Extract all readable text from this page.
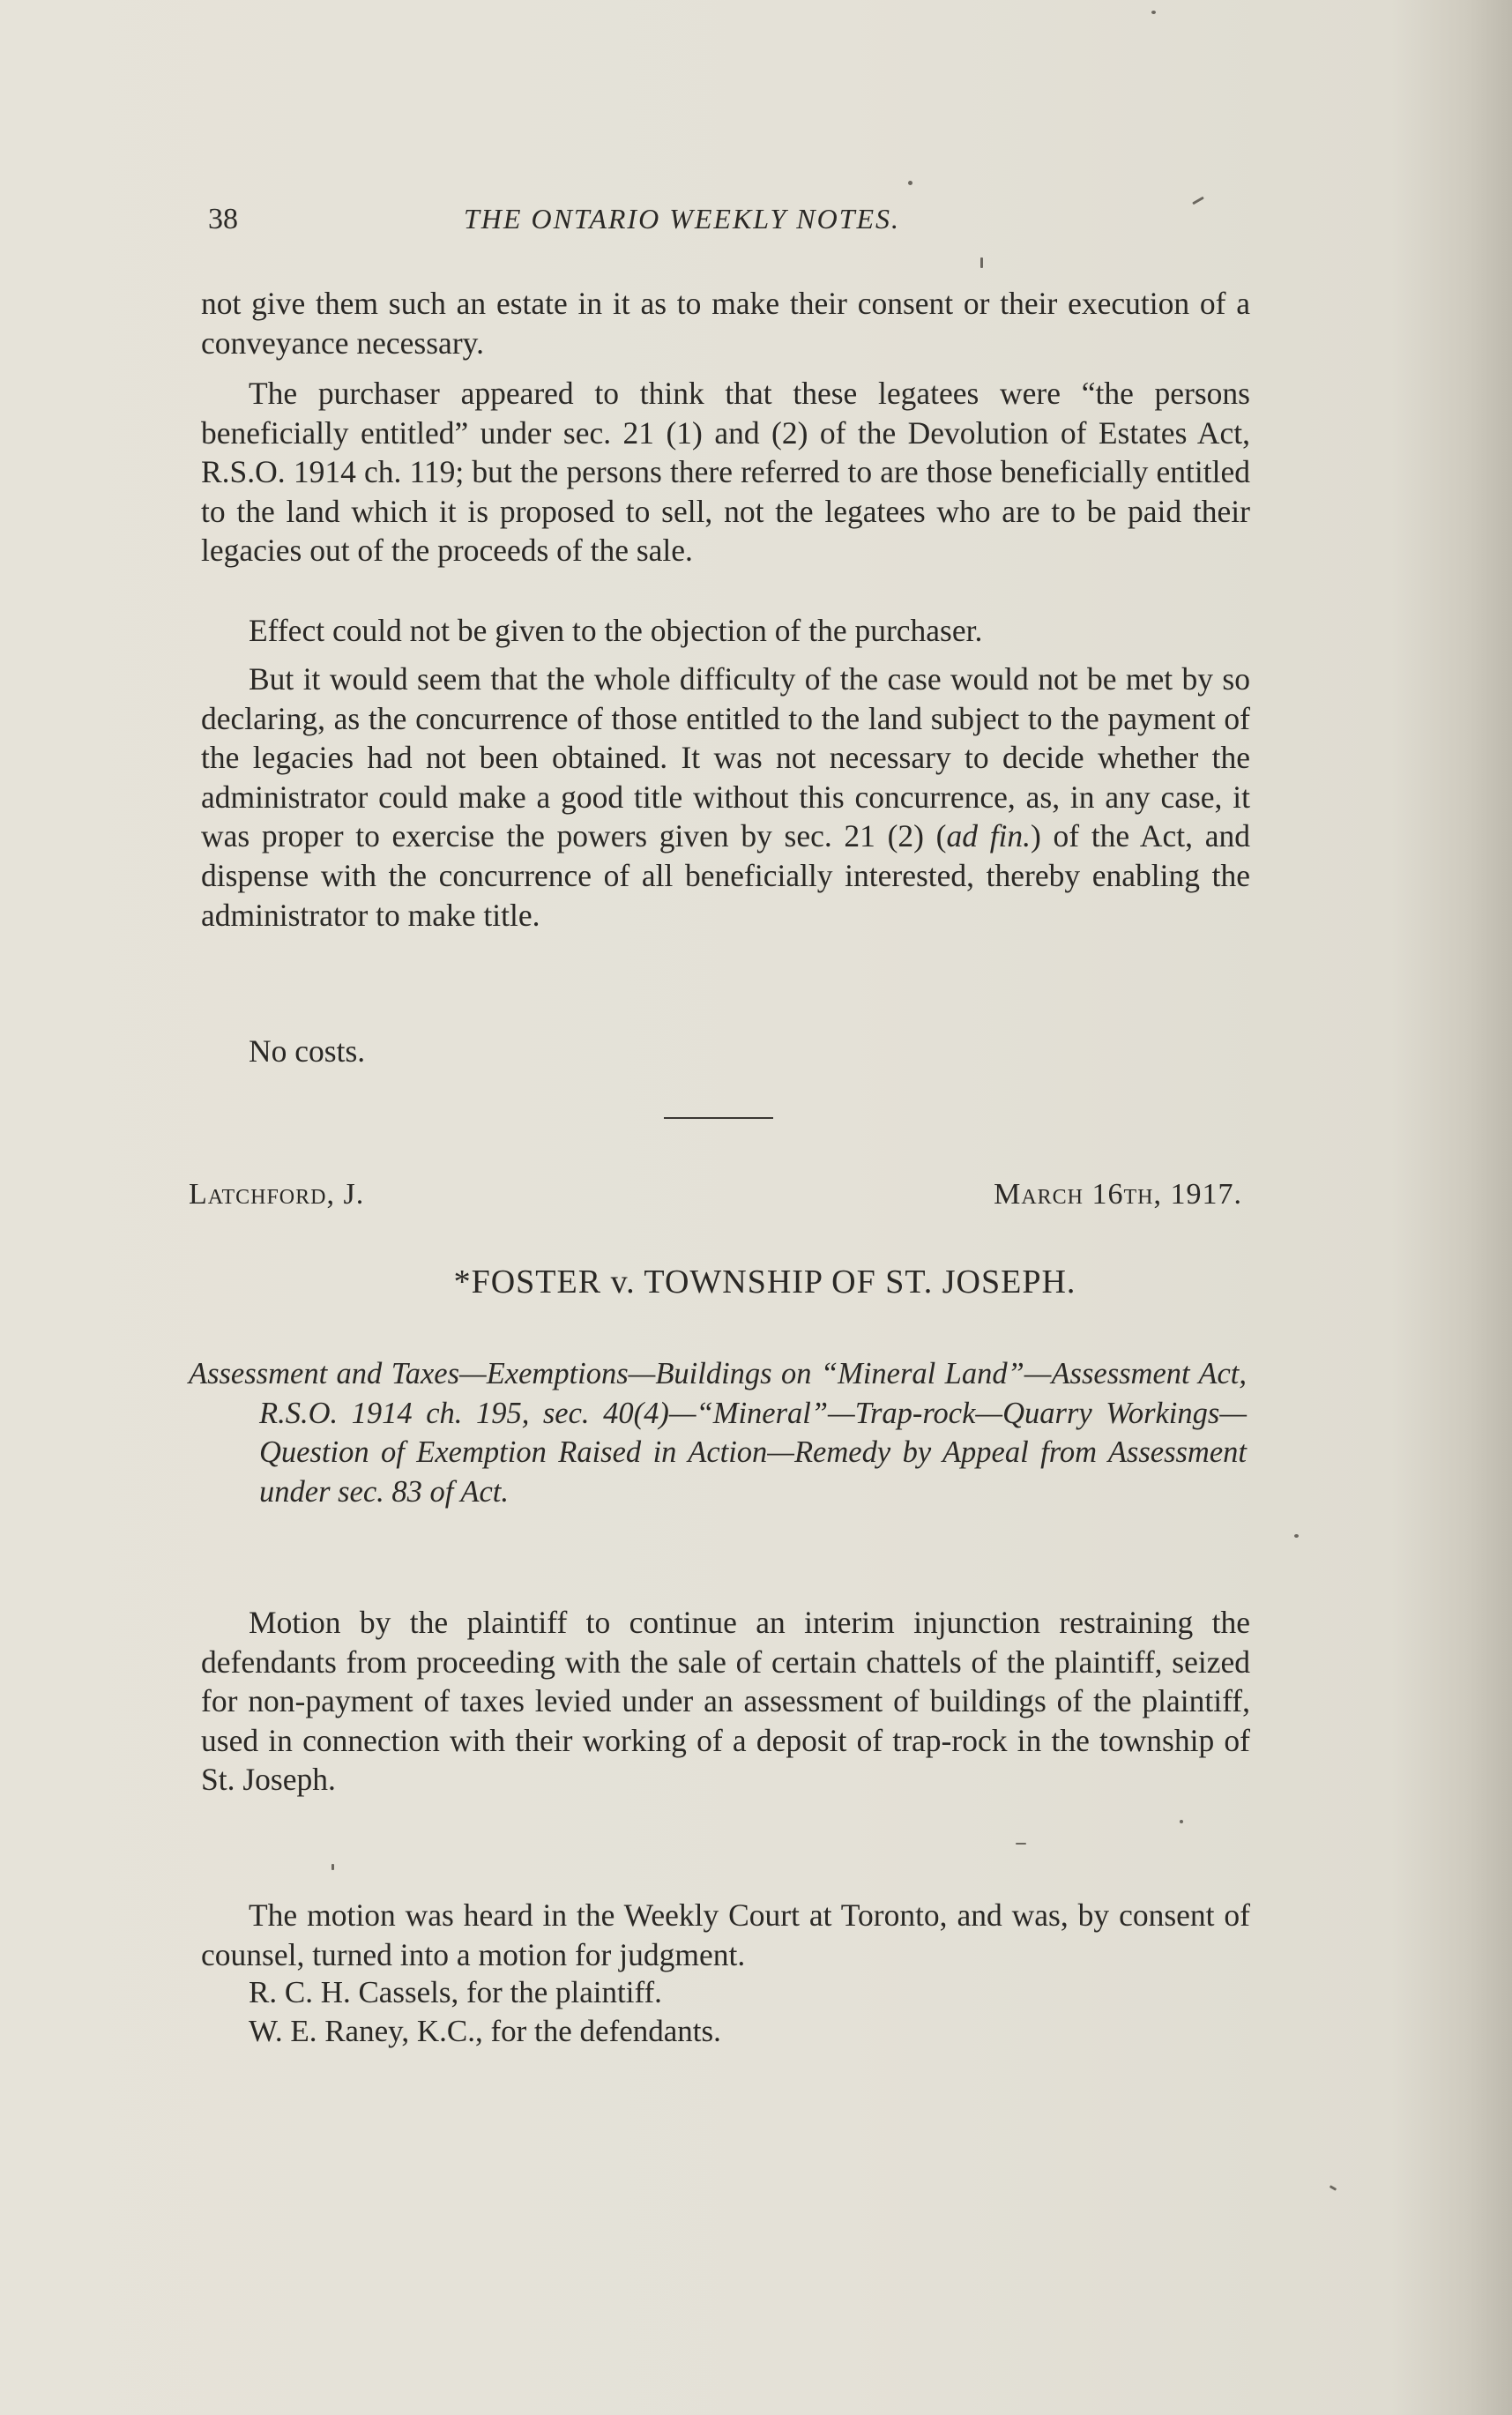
38	THE ONTARIO WEEKLY NOTES.

not give them such an estate in it as to make their consent or their execution of a conveyance necessary.

The purchaser appeared to think that these legatees were “the persons beneficially entitled” under sec. 21 (1) and (2) of the Devolution of Estates Act, R.S.O. 1914 ch. 119; but the persons there referred to are those beneficially entitled to the land which it is proposed to sell, not the legatees who are to be paid their legacies out of the proceeds of the sale.

Effect could not be given to the objection of the purchaser.

But it would seem that the whole difficulty of the case would not be met by so declaring, as the concurrence of those entitled to the land subject to the payment of the legacies had not been obtained. It was not necessary to decide whether the administrator could make a good title without this concurrence, as, in any case, it was proper to exercise the powers given by sec. 21 (2) (ad fin.) of the Act, and dispense with the concurrence of all beneficially interested, thereby enabling the administrator to make title.

No costs.

Latchford, J.	March 16th, 1917.
*FOSTER v. TOWNSHIP OF ST. JOSEPH.
Assessment and Taxes—Exemptions—Buildings on “Mineral Land”—Assessment Act, R.S.O. 1914 ch. 195, sec. 40(4)—“Mineral”—Trap-rock—Quarry Workings—Question of Exemption Raised in Action—Remedy by Appeal from Assessment under sec. 83 of Act.

Motion by the plaintiff to continue an interim injunction restraining the defendants from proceeding with the sale of certain chattels of the plaintiff, seized for non-payment of taxes levied under an assessment of buildings of the plaintiff, used in connection with their working of a deposit of trap-rock in the township of St. Joseph.

The motion was heard in the Weekly Court at Toronto, and was, by consent of counsel, turned into a motion for judgment.

R. C. H. Cassels, for the plaintiff.

W. E. Raney, K.C., for the defendants.
